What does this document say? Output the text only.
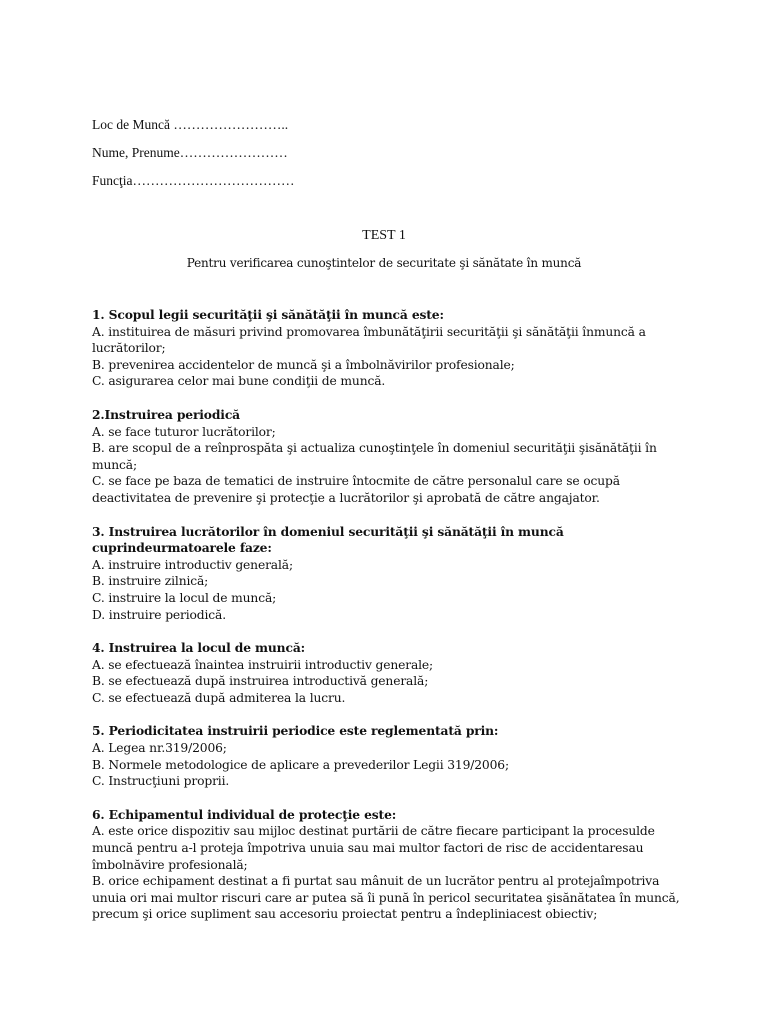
Loc de Muncă ……………………..
Nume, Prenume……………………
Funcţia………………………………
TEST 1
Pentru verificarea cunoştintelor de securitate şi sănătate în muncă
1. Scopul legii securităţii şi sănătăţii în muncă este:
A. instituirea de măsuri privind promovarea îmbunătăţirii securităţii şi sănătăţii înmuncă a lucrătorilor;
B. prevenirea accidentelor de muncă şi a îmbolnăvirilor profesionale;
C. asigurarea celor mai bune condiţii de muncă.
2.Instruirea periodică
A. se face tuturor lucrătorilor;
B. are scopul de a reînprospăta şi actualiza cunoştinţele în domeniul securităţii şisănătăţii în muncă;
C. se face pe baza de tematici de instruire întocmite de către personalul care se ocupă deactivitatea de prevenire şi protecţie a lucrătorilor şi aprobată de către angajator.
3. Instruirea lucrătorilor în domeniul securităţii şi sănătăţii în muncă cuprindeurmatoarele faze:
A. instruire introductiv generală;
B. instruire zilnică;
C. instruire la locul de muncă;
D. instruire periodică.
4. Instruirea la locul de muncă:
A. se efectuează înaintea instruirii introductiv generale;
B. se efectuează după instruirea introductivă generală;
C. se efectuează după admiterea la lucru.
5. Periodicitatea instruirii periodice este reglementată prin:
A. Legea nr.319/2006;
B. Normele metodologice de aplicare a prevederilor Legii 319/2006;
C. Instrucţiuni proprii.
6. Echipamentul individual de protecţie este:
A. este orice dispozitiv sau mijloc destinat purtării de către fiecare participant la procesulde muncă pentru a-l proteja împotriva unuia sau mai multor factori de risc de accidentaresau îmbolnăvire profesională;
B. orice echipament destinat a fi purtat sau mânuit de un lucrător pentru al protejaîmpotriva unuia ori mai multor riscuri care ar putea să îi pună în pericol securitatea şisănătatea în muncă, precum şi orice supliment sau accesoriu proiectat pentru a îndepliniacest obiectiv;
